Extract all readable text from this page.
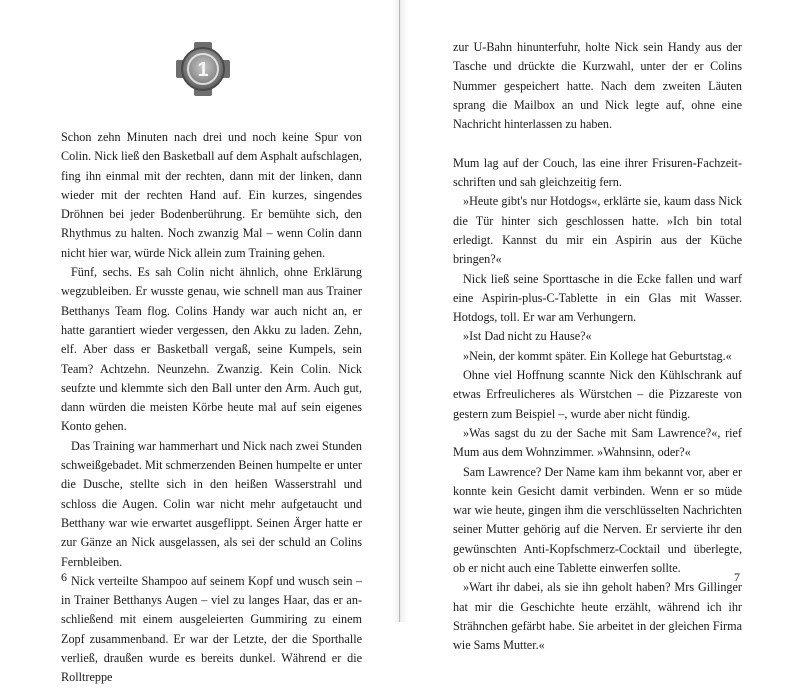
1

Schon zehn Minuten nach drei und noch keine Spur von Colin. Nick ließ den Basketball auf dem Asphalt aufschlagen, fing ihn einmal mit der rechten, dann mit der linken, dann wieder mit der rechten Hand auf. Ein kurzes, singendes Dröhnen bei jeder Bodenberührung. Er bemühte sich, den Rhythmus zu halten. Noch zwanzig Mal – wenn Colin dann nicht hier war, würde Nick allein zum Training gehen.

Fünf, sechs. Es sah Colin nicht ähnlich, ohne Erklärung wegzubleiben. Er wusste genau, wie schnell man aus Trainer Betthanys Team flog. Colins Handy war auch nicht an, er hatte garantiert wieder vergessen, den Akku zu laden. Zehn, elf. Aber dass er Basketball vergaß, seine Kumpels, sein Team? Achtzehn. Neunzehn. Zwanzig. Kein Colin. Nick seufzte und klemmte sich den Ball unter den Arm. Auch gut, dann würden die meisten Körbe heute mal auf sein eigenes Konto gehen.

Das Training war hammerhart und Nick nach zwei Stunden schweißgebadet. Mit schmerzenden Beinen humpelte er unter die Dusche, stellte sich in den heißen Wasserstrahl und schloss die Augen. Colin war nicht mehr aufgetaucht und Betthany war wie erwartet ausgeflippt. Seinen Ärger hatte er zur Gänze an Nick ausgelassen, als sei der schuld an Colins Fernbleiben.

Nick verteilte Shampoo auf seinem Kopf und wusch sein – in Trainer Betthanys Augen – viel zu langes Haar, das er anschließend mit einem ausgeleierten Gummiring zu einem Zopf zusammenband. Er war der Letzte, der die Sporthalle verließ, draußen wurde es bereits dunkel. Während er die Rolltreppe

6

zur U-Bahn hinunterfuhr, holte Nick sein Handy aus der Tasche und drückte die Kurzwahl, unter der er Colins Nummer gespeichert hatte. Nach dem zweiten Läuten sprang die Mailbox an und Nick legte auf, ohne eine Nachricht hinterlassen zu haben.

Mum lag auf der Couch, las eine ihrer Frisuren-Fachzeitschriften und sah gleichzeitig fern.

»Heute gibt's nur Hotdogs«, erklärte sie, kaum dass Nick die Tür hinter sich geschlossen hatte. »Ich bin total erledigt. Kannst du mir ein Aspirin aus der Küche bringen?«

Nick ließ seine Sporttasche in die Ecke fallen und warf eine Aspirin-plus-C-Tablette in ein Glas mit Wasser. Hotdogs, toll. Er war am Verhungern.

»Ist Dad nicht zu Hause?«

»Nein, der kommt später. Ein Kollege hat Geburtstag.«

Ohne viel Hoffnung scannte Nick den Kühlschrank auf etwas Erfreulicheres als Würstchen – die Pizzareste von gestern zum Beispiel –, wurde aber nicht fündig.

»Was sagst du zu der Sache mit Sam Lawrence?«, rief Mum aus dem Wohnzimmer. »Wahnsinn, oder?«

Sam Lawrence? Der Name kam ihm bekannt vor, aber er konnte kein Gesicht damit verbinden. Wenn er so müde war wie heute, gingen ihm die verschlüsselten Nachrichten seiner Mutter gehörig auf die Nerven. Er servierte ihr den gewünschten Anti-Kopfschmerz-Cocktail und überlegte, ob er nicht auch eine Tablette einwerfen sollte.

»Wart ihr dabei, als sie ihn geholt haben? Mrs Gillinger hat mir die Geschichte heute erzählt, während ich ihr Strähnchen gefärbt habe. Sie arbeitet in der gleichen Firma wie Sams Mutter.«

7
